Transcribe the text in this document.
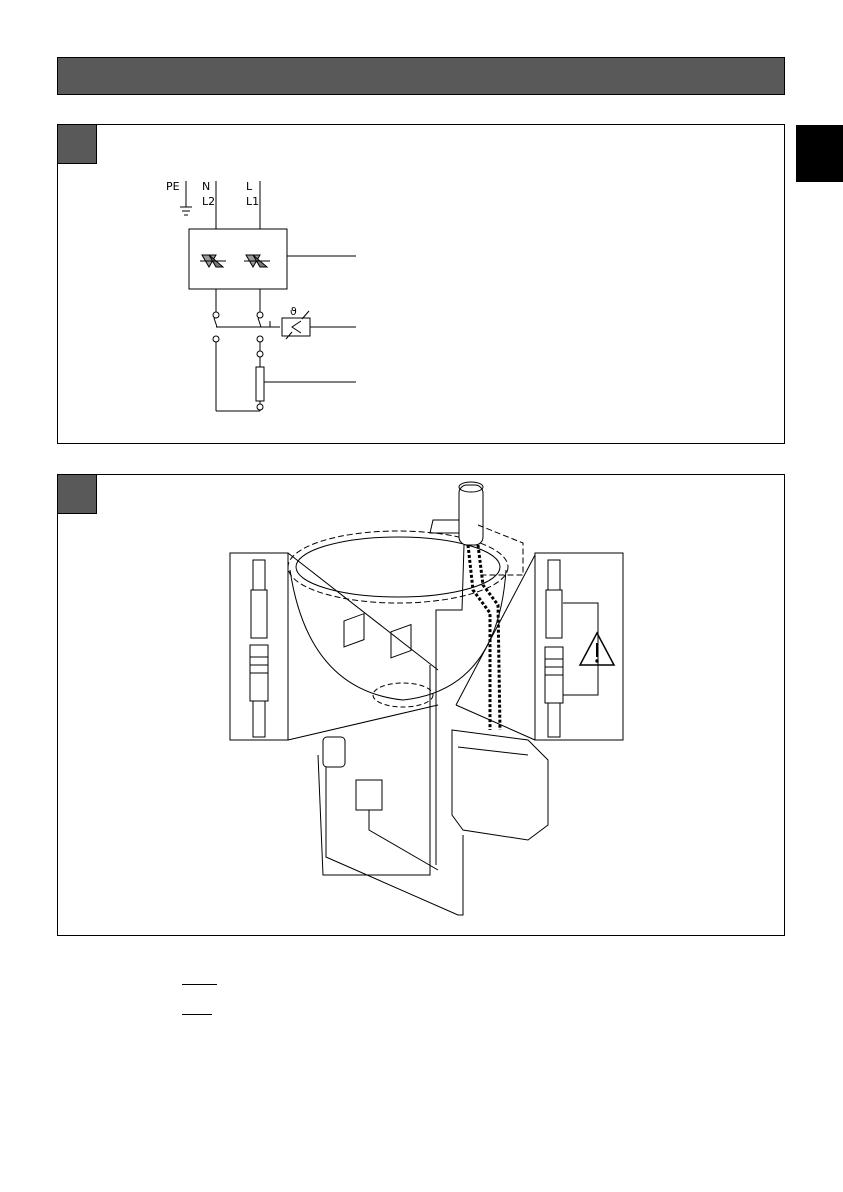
ϑ
PE N
L2
L
L1
